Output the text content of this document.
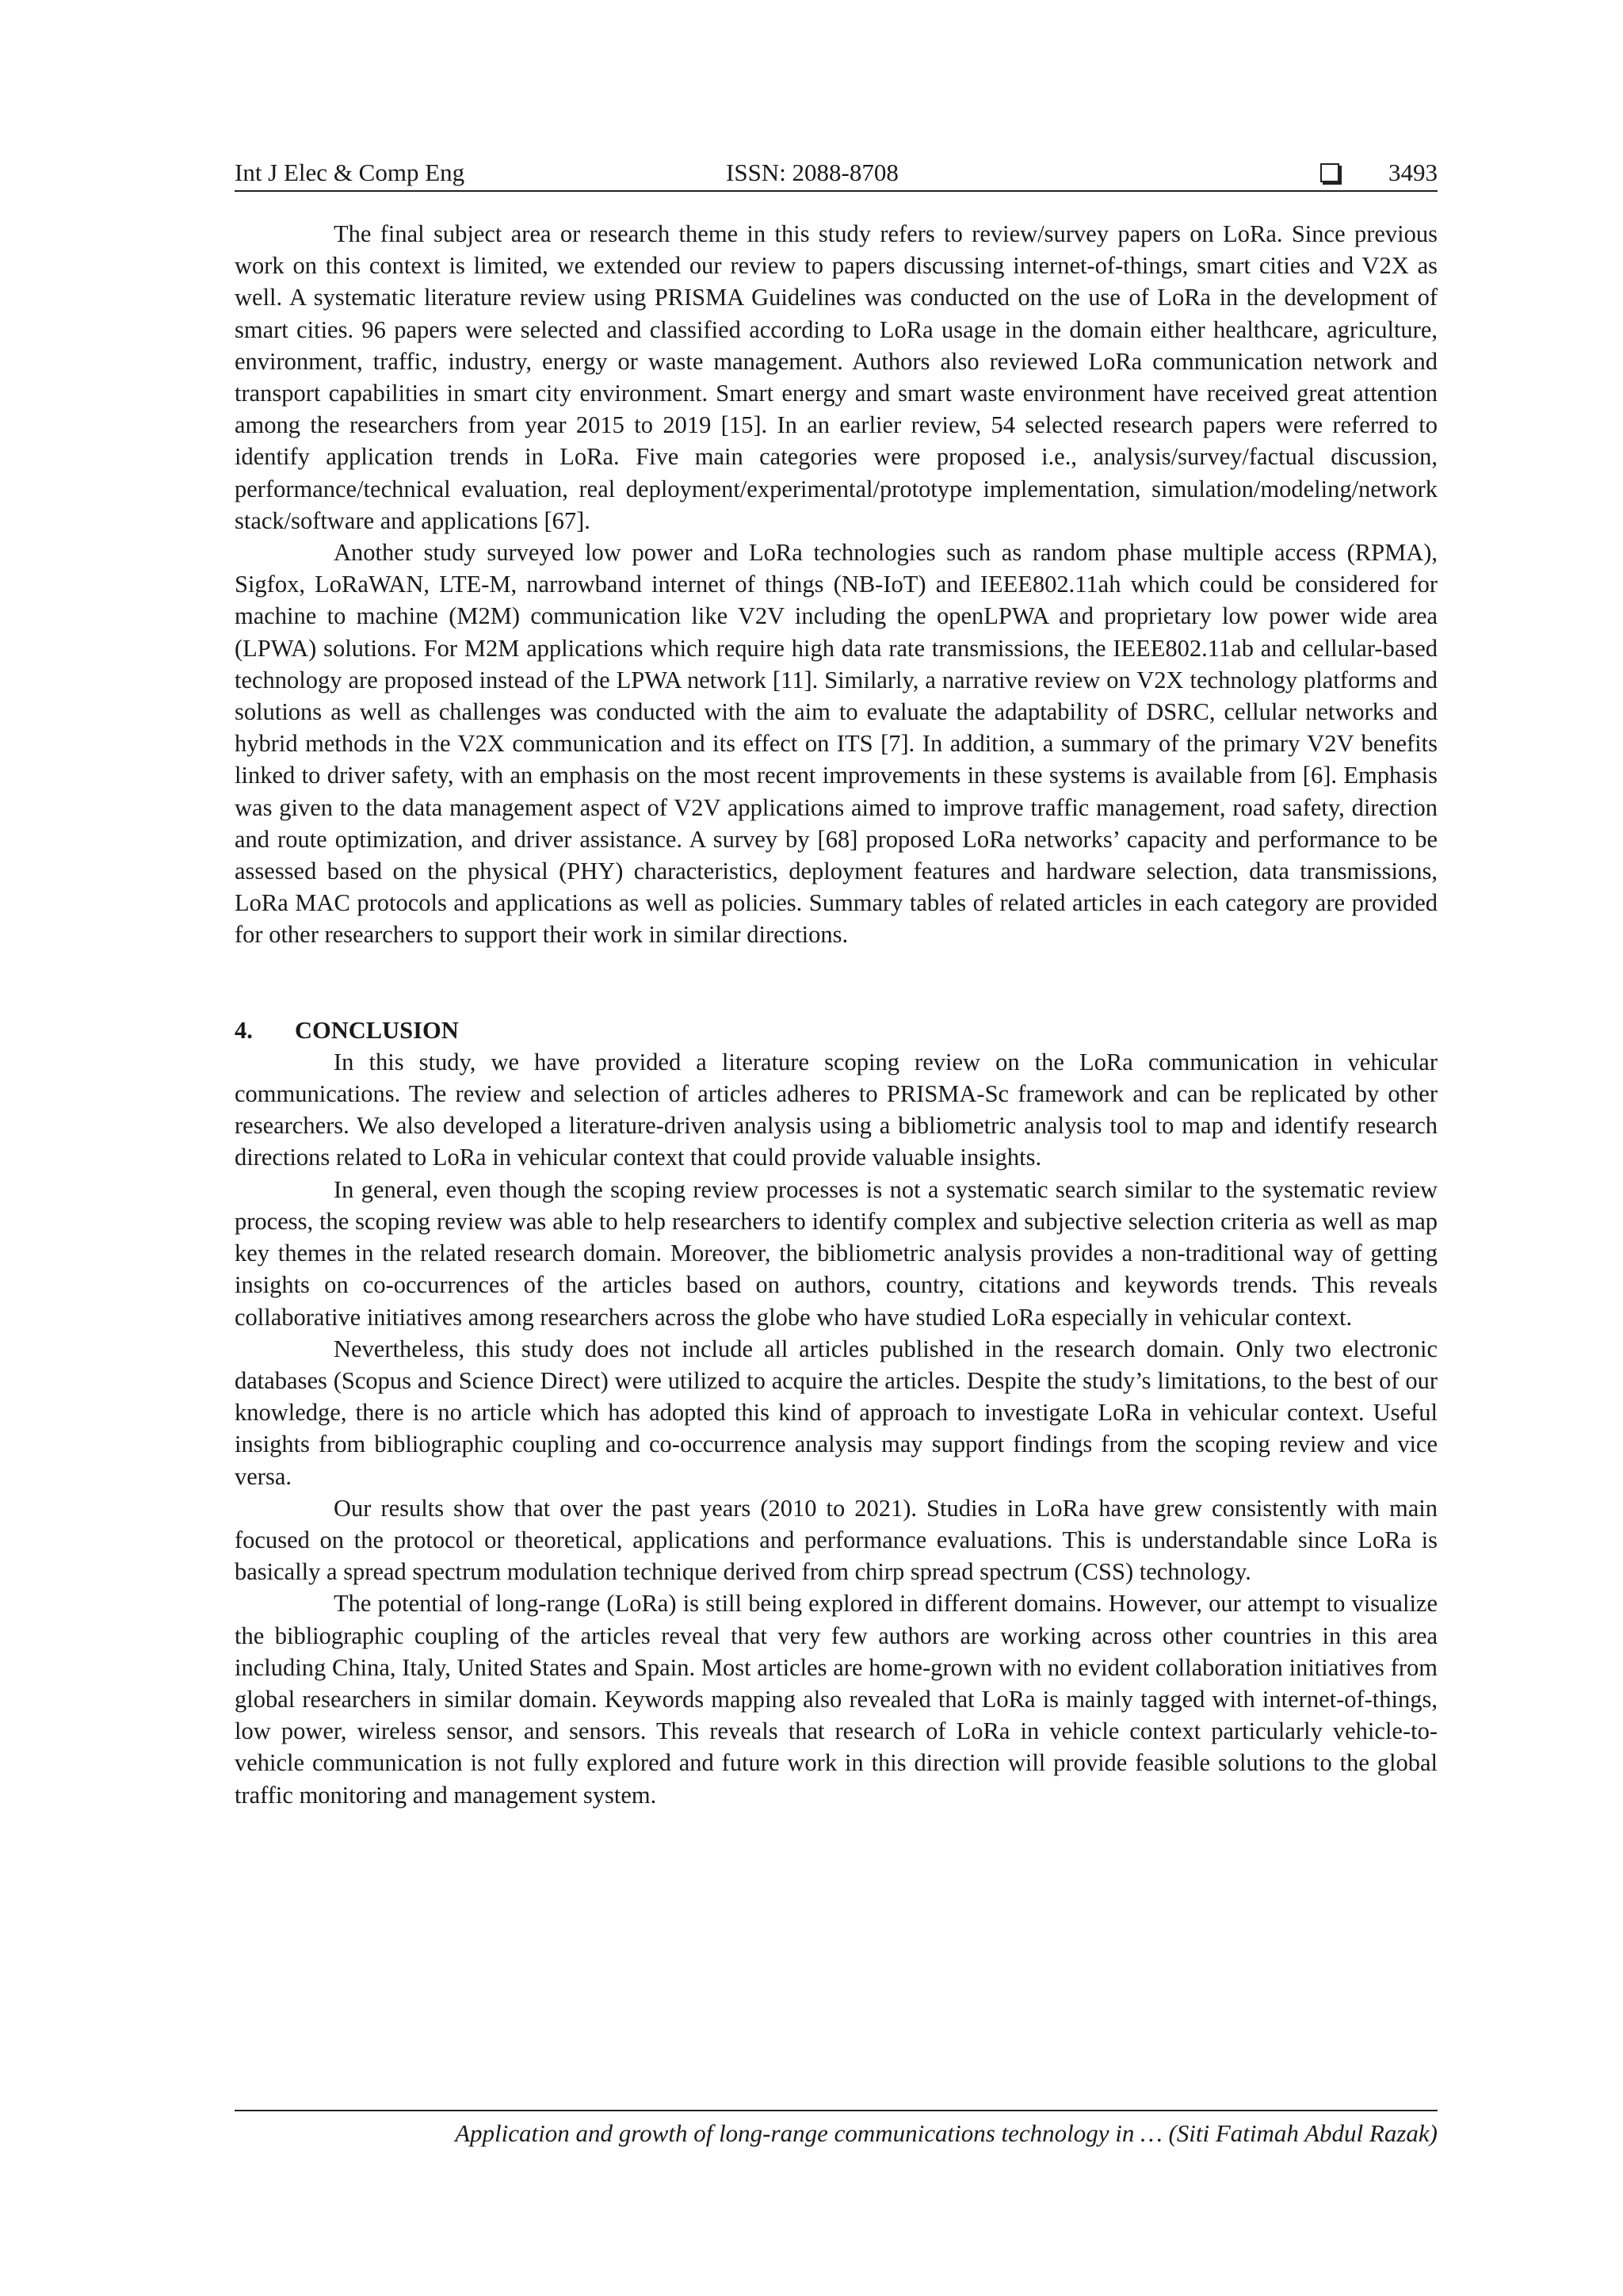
Int J Elec & Comp Eng	ISSN: 2088-8708	3493

The final subject area or research theme in this study refers to review/survey papers on LoRa. Since previous work on this context is limited, we extended our review to papers discussing internet-of-things, smart cities and V2X as well. A systematic literature review using PRISMA Guidelines was conducted on the use of LoRa in the development of smart cities. 96 papers were selected and classified according to LoRa usage in the domain either healthcare, agriculture, environment, traffic, industry, energy or waste management. Authors also reviewed LoRa communication network and transport capabilities in smart city environment. Smart energy and smart waste environment have received great attention among the researchers from year 2015 to 2019 [15]. In an earlier review, 54 selected research papers were referred to identify application trends in LoRa. Five main categories were proposed i.e., analysis/survey/factual discussion, performance/technical evaluation, real deployment/experimental/prototype implementation, simulation/modeling/network stack/software and applications [67].

Another study surveyed low power and LoRa technologies such as random phase multiple access (RPMA), Sigfox, LoRaWAN, LTE-M, narrowband internet of things (NB-IoT) and IEEE802.11ah which could be considered for machine to machine (M2M) communication like V2V including the openLPWA and proprietary low power wide area (LPWA) solutions. For M2M applications which require high data rate transmissions, the IEEE802.11ab and cellular-based technology are proposed instead of the LPWA network [11]. Similarly, a narrative review on V2X technology platforms and solutions as well as challenges was conducted with the aim to evaluate the adaptability of DSRC, cellular networks and hybrid methods in the V2X communication and its effect on ITS [7]. In addition, a summary of the primary V2V benefits linked to driver safety, with an emphasis on the most recent improvements in these systems is available from [6]. Emphasis was given to the data management aspect of V2V applications aimed to improve traffic management, road safety, direction and route optimization, and driver assistance. A survey by [68] proposed LoRa networks’ capacity and performance to be assessed based on the physical (PHY) characteristics, deployment features and hardware selection, data transmissions, LoRa MAC protocols and applications as well as policies. Summary tables of related articles in each category are provided for other researchers to support their work in similar directions.

4. CONCLUSION

In this study, we have provided a literature scoping review on the LoRa communication in vehicular communications. The review and selection of articles adheres to PRISMA-Sc framework and can be replicated by other researchers. We also developed a literature-driven analysis using a bibliometric analysis tool to map and identify research directions related to LoRa in vehicular context that could provide valuable insights.

In general, even though the scoping review processes is not a systematic search similar to the systematic review process, the scoping review was able to help researchers to identify complex and subjective selection criteria as well as map key themes in the related research domain. Moreover, the bibliometric analysis provides a non-traditional way of getting insights on co-occurrences of the articles based on authors, country, citations and keywords trends. This reveals collaborative initiatives among researchers across the globe who have studied LoRa especially in vehicular context.

Nevertheless, this study does not include all articles published in the research domain. Only two electronic databases (Scopus and Science Direct) were utilized to acquire the articles. Despite the study’s limitations, to the best of our knowledge, there is no article which has adopted this kind of approach to investigate LoRa in vehicular context. Useful insights from bibliographic coupling and co-occurrence analysis may support findings from the scoping review and vice versa.

Our results show that over the past years (2010 to 2021). Studies in LoRa have grew consistently with main focused on the protocol or theoretical, applications and performance evaluations. This is understandable since LoRa is basically a spread spectrum modulation technique derived from chirp spread spectrum (CSS) technology.

The potential of long-range (LoRa) is still being explored in different domains. However, our attempt to visualize the bibliographic coupling of the articles reveal that very few authors are working across other countries in this area including China, Italy, United States and Spain. Most articles are home-grown with no evident collaboration initiatives from global researchers in similar domain. Keywords mapping also revealed that LoRa is mainly tagged with internet-of-things, low power, wireless sensor, and sensors. This reveals that research of LoRa in vehicle context particularly vehicle-to-vehicle communication is not fully explored and future work in this direction will provide feasible solutions to the global traffic monitoring and management system.

Application and growth of long-range communications technology in … (Siti Fatimah Abdul Razak)
